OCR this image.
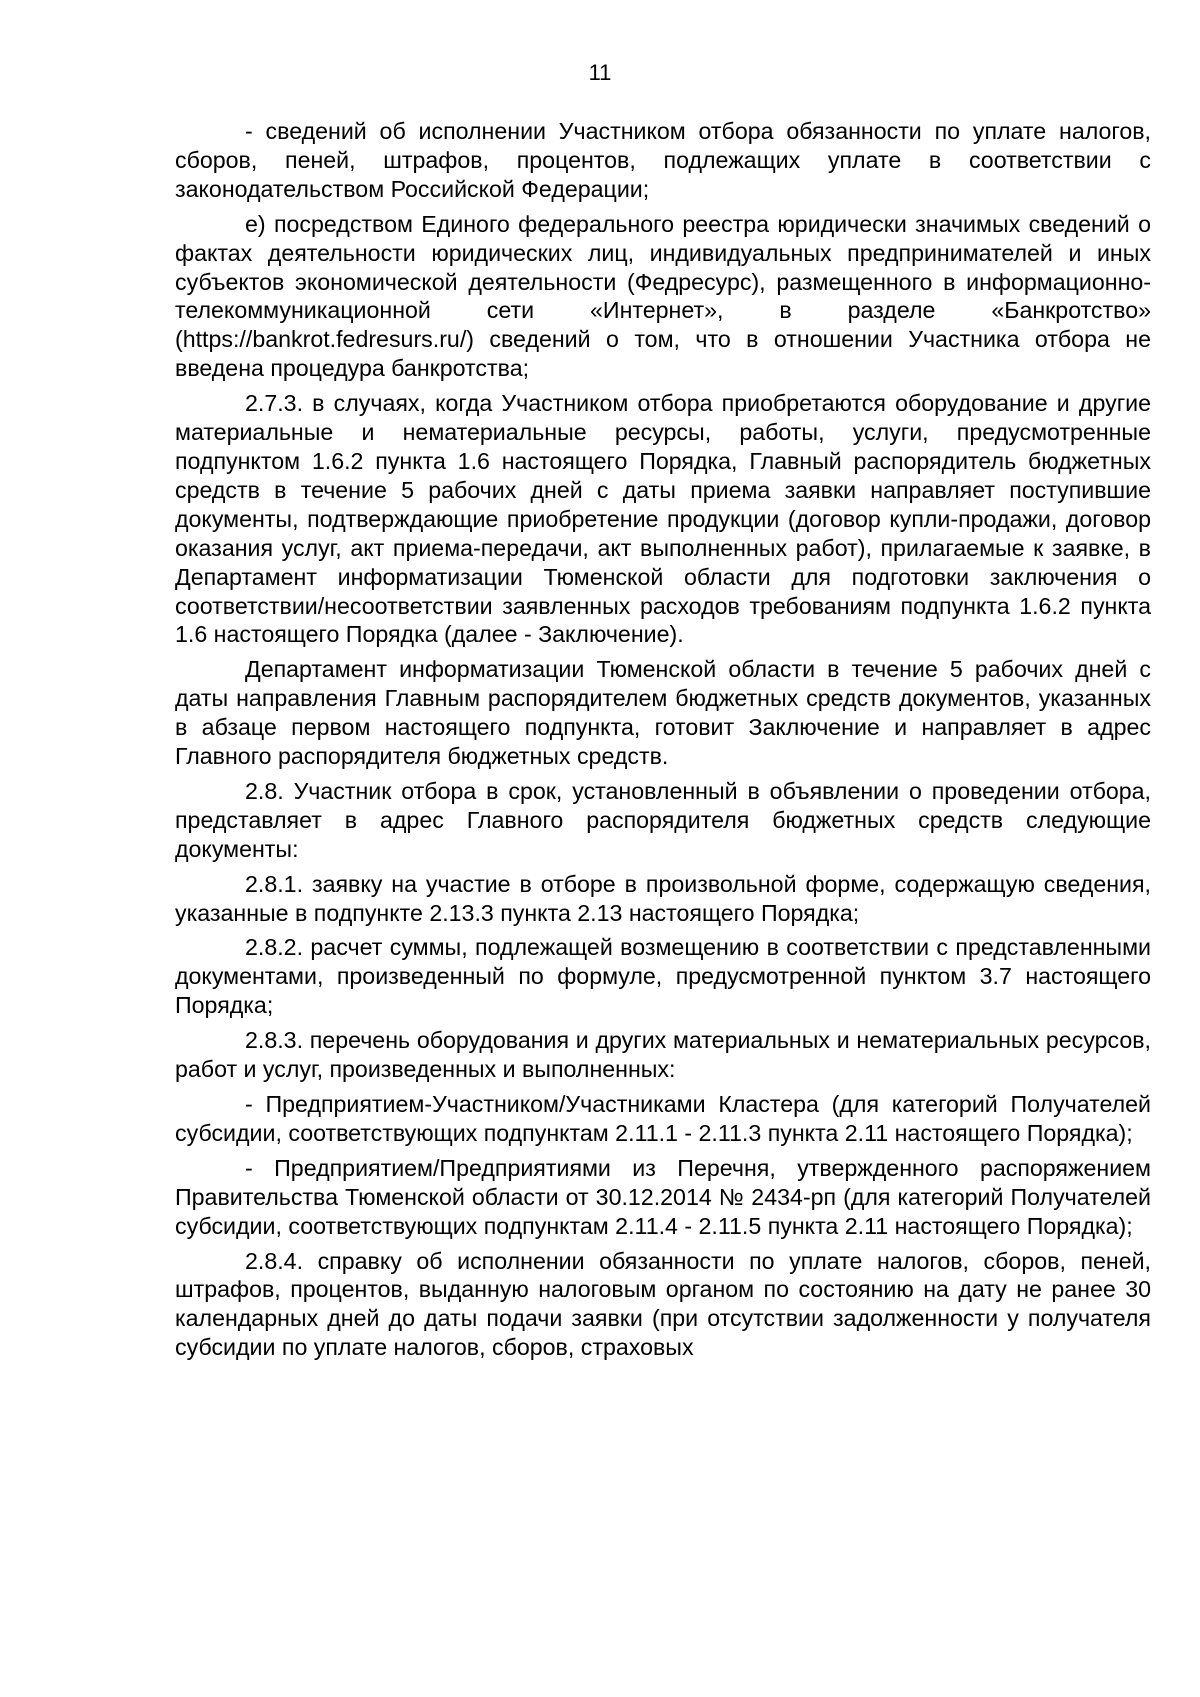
11

- сведений об исполнении Участником отбора обязанности по уплате налогов, сборов, пеней, штрафов, процентов, подлежащих уплате в соответствии с законодательством Российской Федерации;

е) посредством Единого федерального реестра юридически значимых сведений о фактах деятельности юридических лиц, индивидуальных предпринимателей и иных субъектов экономической деятельности (Федресурс), размещенного в информационно-телекоммуникационной сети «Интернет», в разделе «Банкротство» (https://bankrot.fedresurs.ru/) сведений о том, что в отношении Участника отбора не введена процедура банкротства;

2.7.3. в случаях, когда Участником отбора приобретаются оборудование и другие материальные и нематериальные ресурсы, работы, услуги, предусмотренные подпунктом 1.6.2 пункта 1.6 настоящего Порядка, Главный распорядитель бюджетных средств в течение 5 рабочих дней с даты приема заявки направляет поступившие документы, подтверждающие приобретение продукции (договор купли-продажи, договор оказания услуг, акт приема-передачи, акт выполненных работ), прилагаемые к заявке, в Департамент информатизации Тюменской области для подготовки заключения о соответствии/несоответствии заявленных расходов требованиям подпункта 1.6.2 пункта 1.6 настоящего Порядка (далее - Заключение).

Департамент информатизации Тюменской области в течение 5 рабочих дней с даты направления Главным распорядителем бюджетных средств документов, указанных в абзаце первом настоящего подпункта, готовит Заключение и направляет в адрес Главного распорядителя бюджетных средств.

2.8. Участник отбора в срок, установленный в объявлении о проведении отбора, представляет в адрес Главного распорядителя бюджетных средств следующие документы:

2.8.1. заявку на участие в отборе в произвольной форме, содержащую сведения, указанные в подпункте 2.13.3 пункта 2.13 настоящего Порядка;

2.8.2. расчет суммы, подлежащей возмещению в соответствии с представленными документами, произведенный по формуле, предусмотренной пунктом 3.7 настоящего Порядка;

2.8.3. перечень оборудования и других материальных и нематериальных ресурсов, работ и услуг, произведенных и выполненных:

- Предприятием-Участником/Участниками Кластера (для категорий Получателей субсидии, соответствующих подпунктам 2.11.1 - 2.11.3 пункта 2.11 настоящего Порядка);

- Предприятием/Предприятиями из Перечня, утвержденного распоряжением Правительства Тюменской области от 30.12.2014 № 2434-рп (для категорий Получателей субсидии, соответствующих подпунктам 2.11.4 - 2.11.5 пункта 2.11 настоящего Порядка);

2.8.4. справку об исполнении обязанности по уплате налогов, сборов, пеней, штрафов, процентов, выданную налоговым органом по состоянию на дату не ранее 30 календарных дней до даты подачи заявки (при отсутствии задолженности у получателя субсидии по уплате налогов, сборов, страховых
